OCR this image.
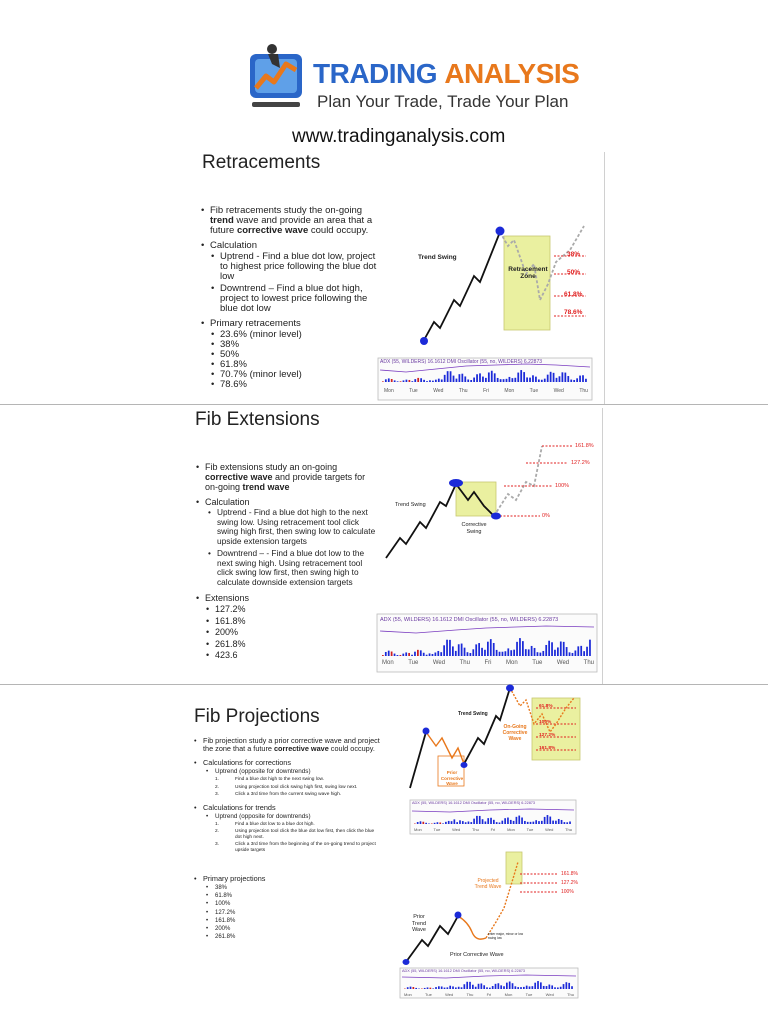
TRADING ANALYSIS
Plan Your Trade, Trade Your Plan
www.tradinganalysis.com
Retracements
• Fib retracements study the on-going trend wave and provide an area that a future corrective wave could occupy.
• Calculation
• Uptrend - Find a blue dot low, project to highest price following the blue dot low
• Downtrend – Find a blue dot high, project to lowest price following the blue dot low
• Primary retracements
• 23.6% (minor level)
• 38%
• 50%
• 61.8%
• 70.7% (minor level)
• 78.6%
Trend Swing
Retracement Zone
38%
50%
61.8%
78.6%
ADX (55, WILDERS) 16.1612 DMI Oscillator (55, no, WILDERS) 6.22873
Mon	Tue	Wed	Thu	Fri	Mon	Tue	Wed	Thu
Fib Extensions
• Fib extensions study an on-going corrective wave and provide targets for on-going trend wave
• Calculation
• Uptrend - Find a blue dot high to the next swing low. Using retracement tool click swing high first, then swing low to calculate upside extension targets
• Downtrend – - Find a blue dot low to the next swing high. Using retracement tool click swing low first, then swing high to calculate downside extension targets
• Extensions
• 127.2%
• 161.8%
• 200%
• 261.8%
• 423.6
Trend Swing
Corrective Swing
161.8%
127.2%
100%
0%
ADX (55, WILDERS) 16.1612 DMI Oscillator (55, no, WILDERS) 6.22873
Mon Tue Wed Thu Fri Mon Tue Wed Thu
Fib Projections
• Fib projection study a prior corrective wave and project the zone that a future corrective wave could occupy.
• Calculations for corrections
• Uptrend (opposite for downtrends)
1.	Find a blue dot high to the next swing low.
2.	Using projection tool click swing high first, swing low next.
3.	Click a 3rd time from the current swing wave high.
• Calculations for trends
• Uptrend (opposite for downtrends)
1.	Find a blue dot low to a blue dot high.
2.	Using projection tool click the blue dot low first, then click the blue dot high next.
3.	Click a 3rd time from the beginning of the on-going trend to project upside targets
• Primary projections
• 38%
• 61.8%
• 100%
• 127.2%
• 161.8%
• 200%
• 261.8%
Trend Swing
On-Going Corrective Wave
Prior Corrective Wave
61.8%
100%
127.2%
161.8%
ADX (55, WILDERS) 16.1612 DMI Oscillator (55, no, WILDERS) 6.22873
Mon	Tue	Wed	Thu	Fri	Mon	Tue	Wed	Thu
Projected Trend Wave
Prior Trend Wave
Prior Corrective Wave
enter major, minor or low swing low
161.8%
127.2%
100%
ADX (55, WILDERS) 16.1612 DMI Oscillator (55, no, WILDERS) 6.22873
Mon	Tue	Wed	Thu	Fri	Mon	Tue	Wed	Thu
